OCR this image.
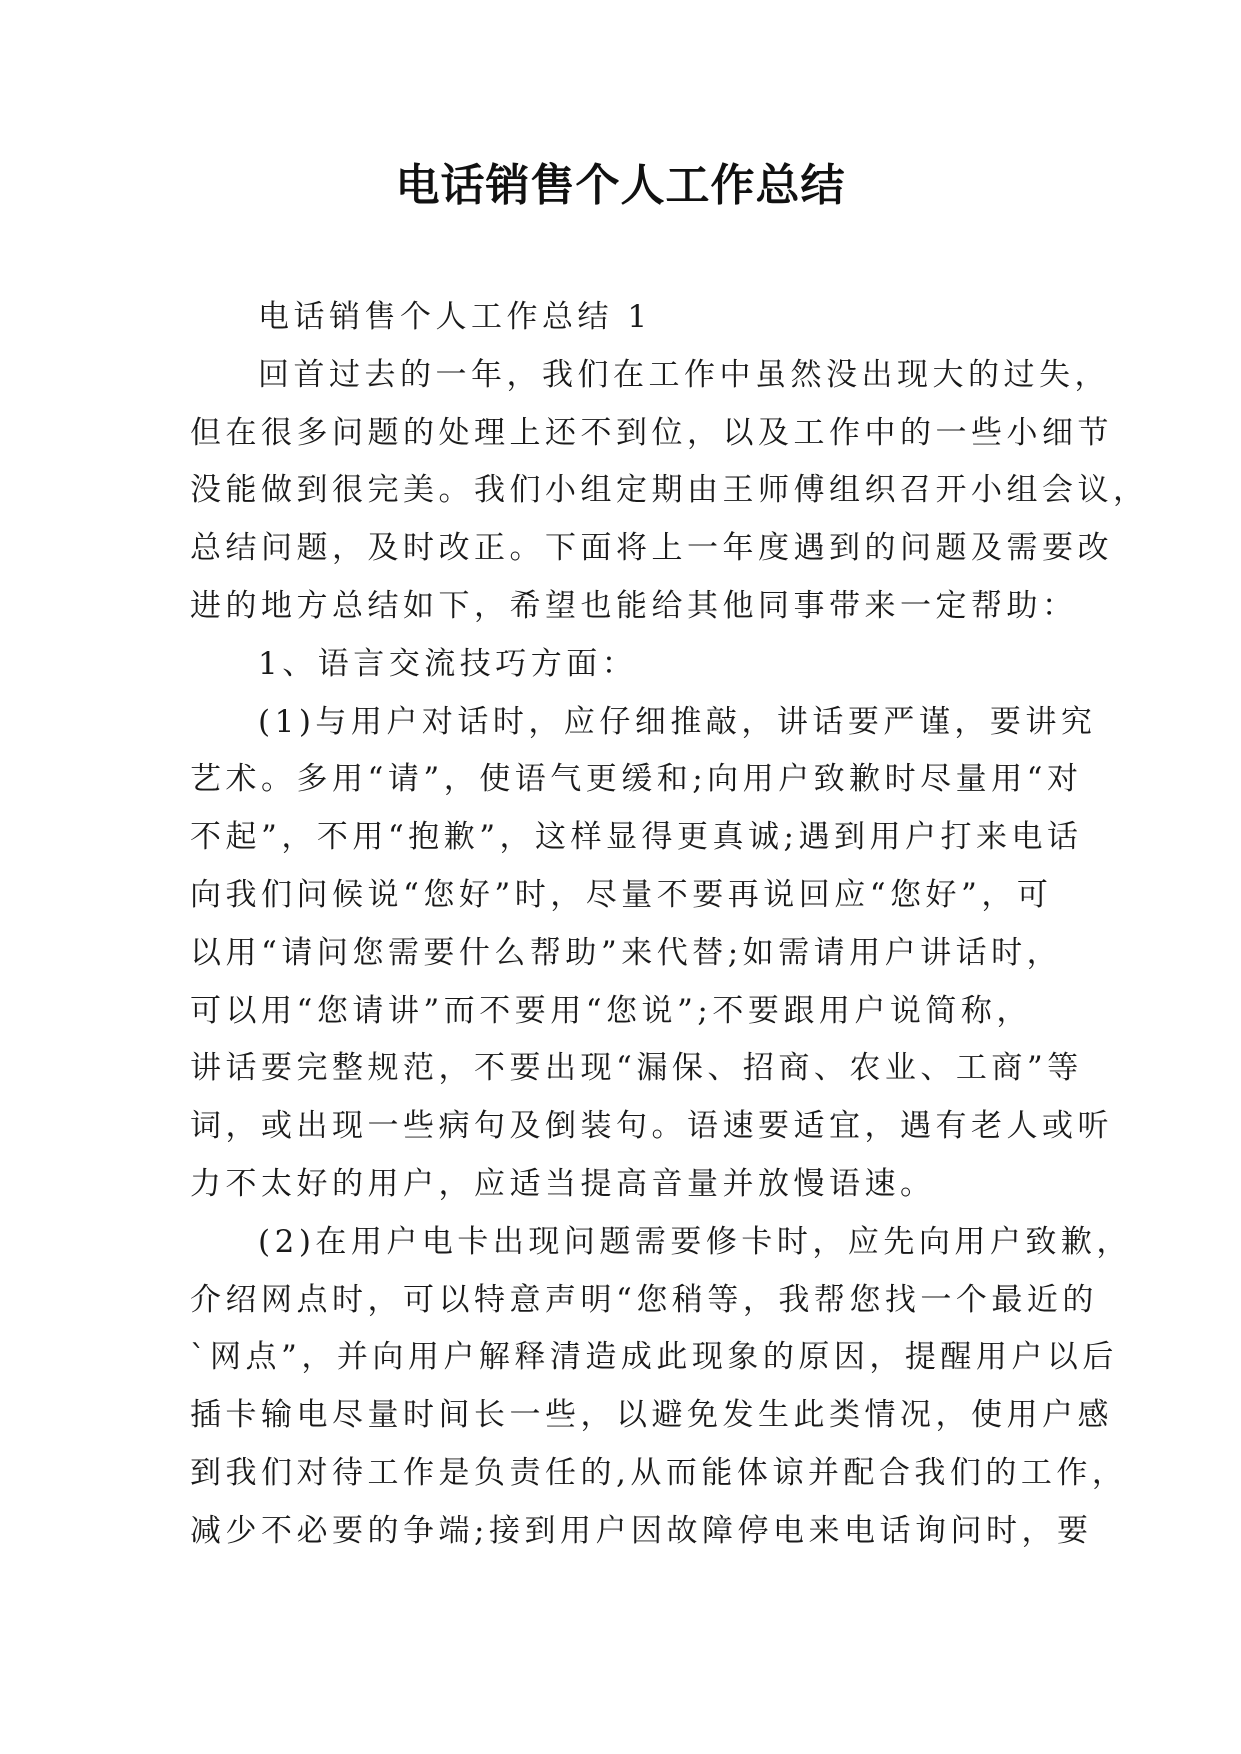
电话销售个人工作总结
电话销售个人工作总结 1
回首过去的一年，我们在工作中虽然没出现大的过失，
但在很多问题的处理上还不到位，以及工作中的一些小细节
没能做到很完美。我们小组定期由王师傅组织召开小组会议，
总结问题，及时改正。下面将上一年度遇到的问题及需要改
进的地方总结如下，希望也能给其他同事带来一定帮助：
1、语言交流技巧方面：
(1)与用户对话时，应仔细推敲，讲话要严谨，要讲究
艺术。多用“请”，使语气更缓和;向用户致歉时尽量用“对
不起”，不用“抱歉”，这样显得更真诚;遇到用户打来电话
向我们问候说“您好”时，尽量不要再说回应“您好”，可
以用“请问您需要什么帮助”来代替;如需请用户讲话时，
可以用“您请讲”而不要用“您说”;不要跟用户说简称，
讲话要完整规范，不要出现“漏保、招商、农业、工商”等
词，或出现一些病句及倒装句。语速要适宜，遇有老人或听
力不太好的用户，应适当提高音量并放慢语速。
(2)在用户电卡出现问题需要修卡时，应先向用户致歉，
介绍网点时，可以特意声明“您稍等，我帮您找一个最近的
`网点”，并向用户解释清造成此现象的原因，提醒用户以后
插卡输电尽量时间长一些，以避免发生此类情况，使用户感
到我们对待工作是负责任的,从而能体谅并配合我们的工作，
减少不必要的争端;接到用户因故障停电来电话询问时，要
